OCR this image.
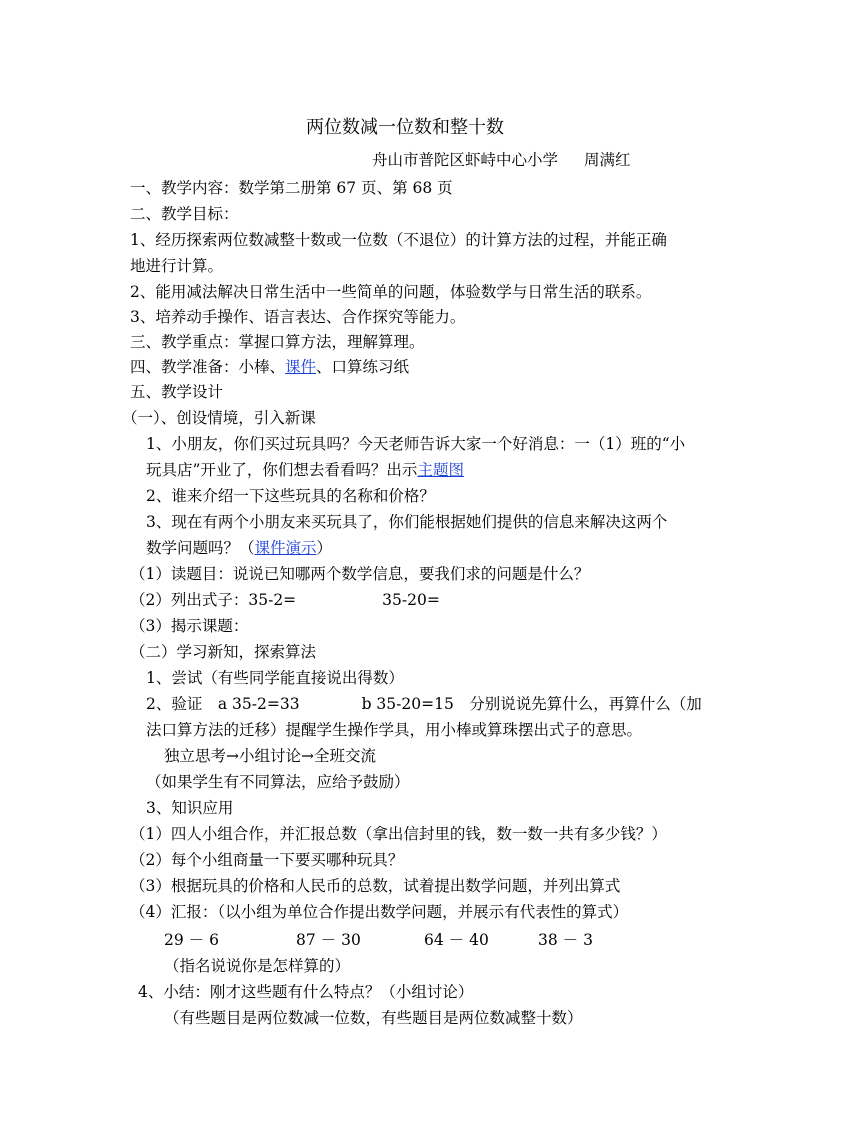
两位数减一位数和整十数
舟山市普陀区虾峙中心小学 周满红
一、教学内容：数学第二册第 67 页、第 68 页
二、教学目标：
1、经历探索两位数减整十数或一位数（不退位）的计算方法的过程，并能正确
地进行计算。
2、能用减法解决日常生活中一些简单的问题，体验数学与日常生活的联系。
3、培养动手操作、语言表达、合作探究等能力。
三、教学重点：掌握口算方法，理解算理。
四、教学准备：小棒、课件、口算练习纸
五、教学设计
（一）、创设情境，引入新课
1、小朋友，你们买过玩具吗？今天老师告诉大家一个好消息：一（1）班的“小
玩具店”开业了，你们想去看看吗？出示主题图
2、谁来介绍一下这些玩具的名称和价格？
3、现在有两个小朋友来买玩具了，你们能根据她们提供的信息来解决这两个
数学问题吗？（课件演示）
（1）读题目：说说已知哪两个数学信息，要我们求的问题是什么？
（2）列出式子：35-2=	35-20=
（3）揭示课题：
（二）学习新知，探索算法
1、尝试（有些同学能直接说出得数）
2、验证　a 35-2=33	b 35-20=15　分别说说先算什么，再算什么（加
法口算方法的迁移）提醒学生操作学具，用小棒或算珠摆出式子的意思。
独立思考→小组讨论→全班交流
（如果学生有不同算法，应给予鼓励）
3、知识应用
（1）四人小组合作，并汇报总数（拿出信封里的钱，数一数一共有多少钱？）
（2）每个小组商量一下要买哪种玩具？
（3）根据玩具的价格和人民币的总数，试着提出数学问题，并列出算式
（4）汇报：（以小组为单位合作提出数学问题，并展示有代表性的算式）
29 － 6	87 － 30	64 － 40	38 － 3
（指名说说你是怎样算的）
4、小结：刚才这些题有什么特点？（小组讨论）
（有些题目是两位数减一位数，有些题目是两位数减整十数）
